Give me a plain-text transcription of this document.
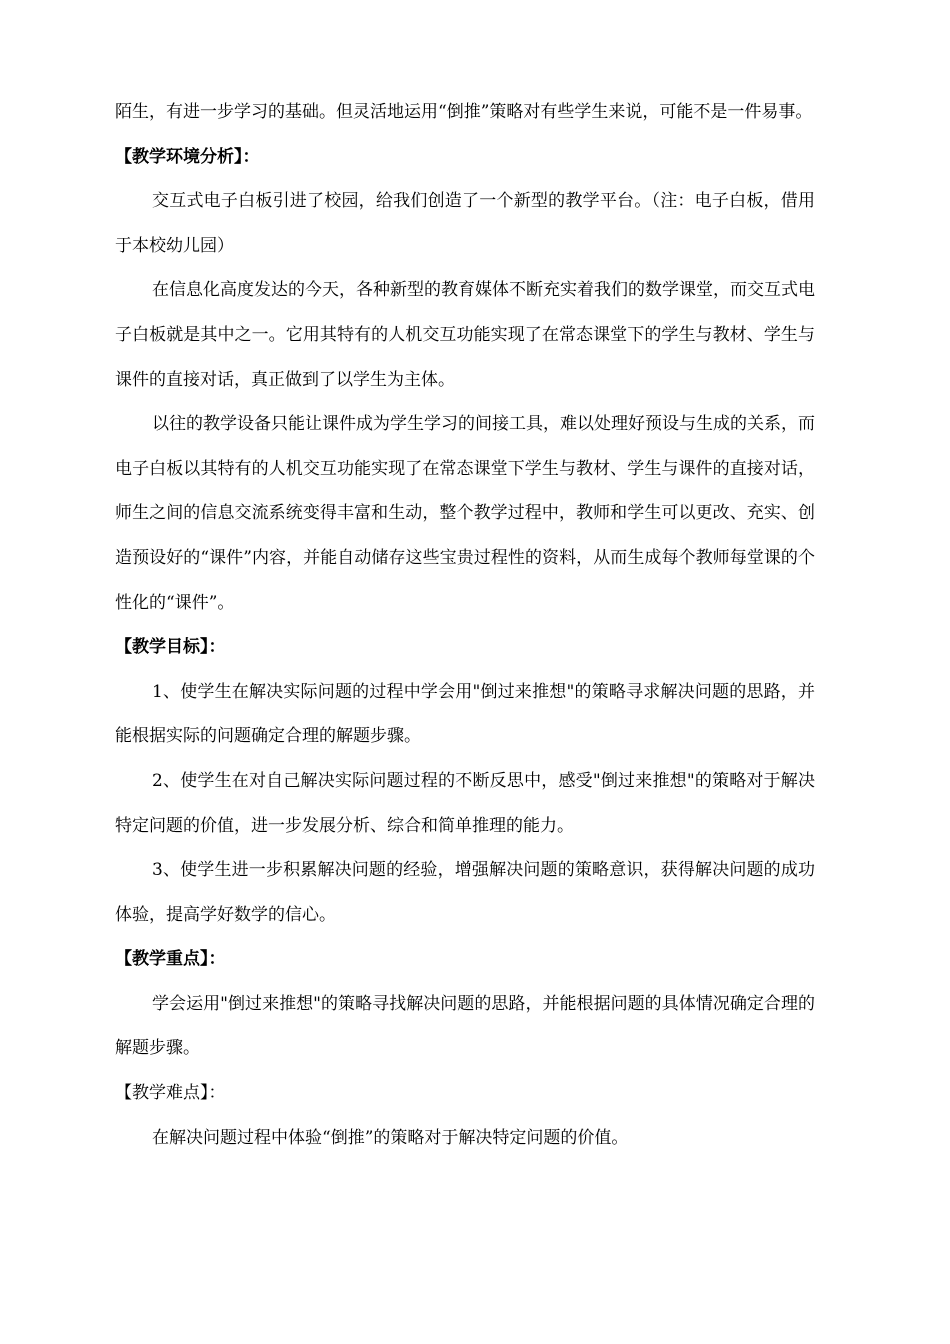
陌生，有进一步学习的基础。但灵活地运用“倒推”策略对有些学生来说，可能不是一件易事。

【教学环境分析】：

交互式电子白板引进了校园，给我们创造了一个新型的教学平台。（注：电子白板，借用于本校幼儿园）

在信息化高度发达的今天，各种新型的教育媒体不断充实着我们的数学课堂，而交互式电子白板就是其中之一。它用其特有的人机交互功能实现了在常态课堂下的学生与教材、学生与课件的直接对话，真正做到了以学生为主体。

以往的教学设备只能让课件成为学生学习的间接工具，难以处理好预设与生成的关系，而电子白板以其特有的人机交互功能实现了在常态课堂下学生与教材、学生与课件的直接对话，师生之间的信息交流系统变得丰富和生动，整个教学过程中，教师和学生可以更改、充实、创造预设好的“课件”内容，并能自动储存这些宝贵过程性的资料，从而生成每个教师每堂课的个性化的“课件”。

【教学目标】：

1、使学生在解决实际问题的过程中学会用"倒过来推想"的策略寻求解决问题的思路，并能根据实际的问题确定合理的解题步骤。

2、使学生在对自己解决实际问题过程的不断反思中，感受"倒过来推想"的策略对于解决特定问题的价值，进一步发展分析、综合和简单推理的能力。

3、使学生进一步积累解决问题的经验，增强解决问题的策略意识，获得解决问题的成功体验，提高学好数学的信心。

【教学重点】：

学会运用"倒过来推想"的策略寻找解决问题的思路，并能根据问题的具体情况确定合理的解题步骤。

【教学难点】：

在解决问题过程中体验“倒推”的策略对于解决特定问题的价值。
